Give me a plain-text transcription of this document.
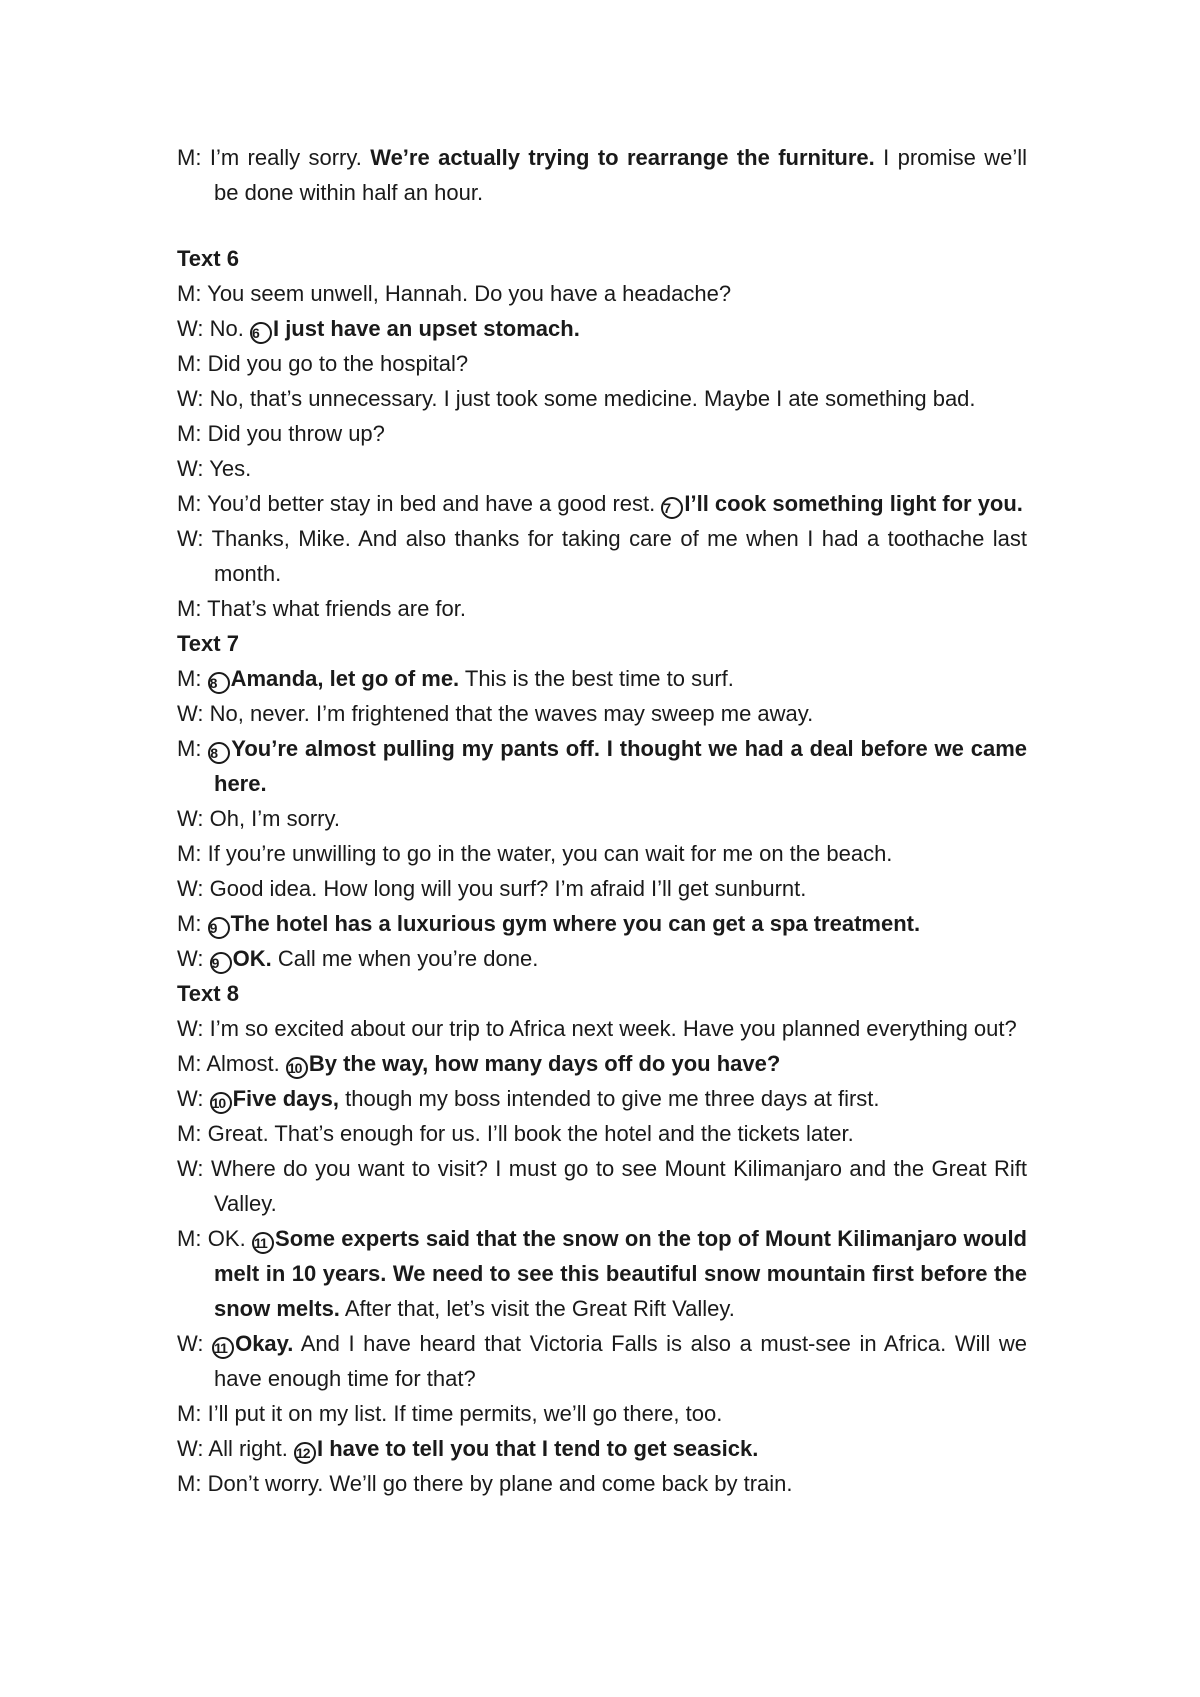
M: I’m really sorry. We’re actually trying to rearrange the furniture. I promise we’ll be done within half an hour.

Text 6

M: You seem unwell, Hannah. Do you have a headache?

W: No. 6 I just have an upset stomach.

M: Did you go to the hospital?

W: No, that’s unnecessary. I just took some medicine. Maybe I ate something bad.

M: Did you throw up?

W: Yes.

M: You’d better stay in bed and have a good rest. 7 I’ll cook something light for you.

W: Thanks, Mike. And also thanks for taking care of me when I had a toothache last month.

M: That’s what friends are for.

Text 7

M: 8 Amanda, let go of me. This is the best time to surf.

W: No, never. I’m frightened that the waves may sweep me away.

M: 8 You’re almost pulling my pants off. I thought we had a deal before we came here.

W: Oh, I’m sorry.

M: If you’re unwilling to go in the water, you can wait for me on the beach.

W: Good idea. How long will you surf? I’m afraid I’ll get sunburnt.

M: 9 The hotel has a luxurious gym where you can get a spa treatment.

W: 9 OK. Call me when you’re done.

Text 8

W: I’m so excited about our trip to Africa next week. Have you planned everything out?

M: Almost. 10 By the way, how many days off do you have?

W: 10 Five days, though my boss intended to give me three days at first.

M: Great. That’s enough for us. I’ll book the hotel and the tickets later.

W: Where do you want to visit? I must go to see Mount Kilimanjaro and the Great Rift Valley.

M: OK. 11 Some experts said that the snow on the top of Mount Kilimanjaro would melt in 10 years. We need to see this beautiful snow mountain first before the snow melts. After that, let’s visit the Great Rift Valley.

W: 11 Okay. And I have heard that Victoria Falls is also a must-see in Africa. Will we have enough time for that?

M: I’ll put it on my list. If time permits, we’ll go there, too.

W: All right. 12 I have to tell you that I tend to get seasick.

M: Don’t worry. We’ll go there by plane and come back by train.
